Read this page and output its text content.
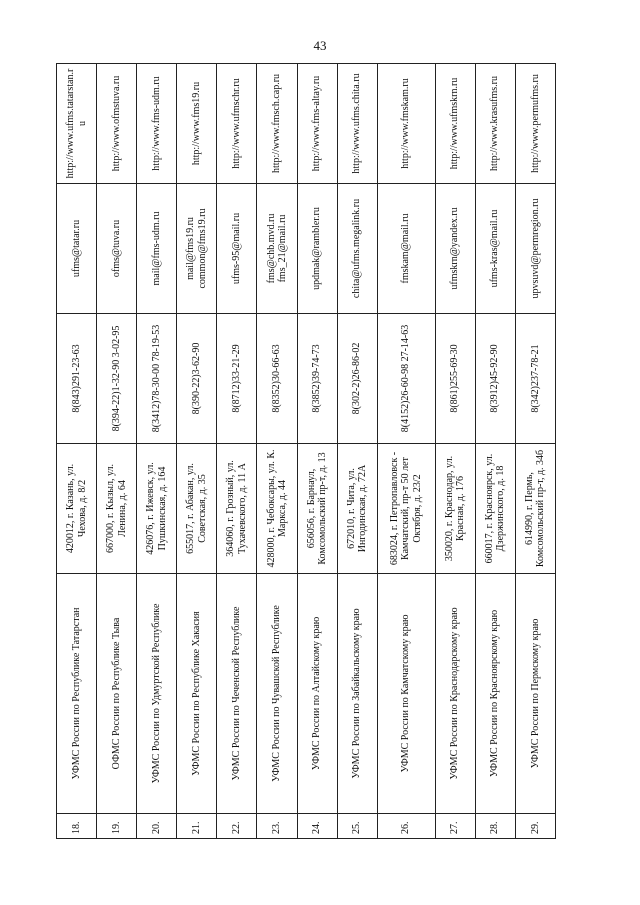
43
18.	УФМС России по Республике Татарстан	420012, г. Казань, ул. Чехова, д. 8/2	8(843)291-23-63	ufms@tatar.ru	http://www.ufms.tatarstan.ru
19.	ОФМС России по Республике Тыва	667000, г. Кызыл, ул. Ленина, д. 64	8(394-22)1-32-90 3-02-95	ofms@tuva.ru	http://www.ofmstuva.ru
20.	УФМС России по Удмуртской Республике	426076, г. Ижевск, ул. Пушкинская, д. 164	8(3412)78-30-00 78-19-53	mail@fms-udm.ru	http://www.fms-udm.ru
21.	УФМС России по Республике Хакасия	655017, г. Абакан, ул. Советская, д. 35	8(390-22)3-62-90	mail@fms19.ru common@fms19.ru	http://www.fms19.ru
22.	УФМС России по Чеченской Республике	364060, г. Грозный, ул. Тухачевского, д. 11 А	8(8712)33-21-29	ufms-95@mail.ru	http://www.ufmschr.ru
23.	УФМС России по Чувашской Республике	428000, г. Чебоксары, ул. К. Маркса, д. 44	8(8352)30-66-63	fms@chb.mvd.ru fms_21@mail.ru	http://www.fmsch.cap.ru
24.	УФМС России по Алтайскому краю	656056, г. Барнаул, Комсомольский пр-т, д. 13	8(3852)39-74-73	updmak@rambler.ru	http://www.fms-altay.ru
25.	УФМС России по Забайкальскому краю	672010, г. Чита, ул. Ингодинская, д. 72А	8(302-2)26-86-02	chita@ufms.megalink.ru	http://www.ufms.chita.ru
26.	УФМС России по Камчатскому краю	683024, г. Петропавловск - Камчатский, пр-т 50 лет Октября, д. 23/2	8(4152)26-60-98 27-14-63	fmskam@mail.ru	http://www.fmskam.ru
27.	УФМС России по Краснодарскому краю	350020, г. Краснодар, ул. Красная, д. 176	8(861)255-69-30	ufmskrn@yandex.ru	http://www.ufmskrn.ru
28.	УФМС России по Красноярскому краю	660017, г. Красноярск, ул. Дзержинского, д. 18	8(3912)45-92-90	ufms-kras@mail.ru	http://www.krasufms.ru
29.	УФМС России по Пермскому краю	614990, г. Пермь, Комсомольский пр-т, д. 34б	8(342)237-78-21	upvsuvd@permregion.ru	http://www.permufms.ru
